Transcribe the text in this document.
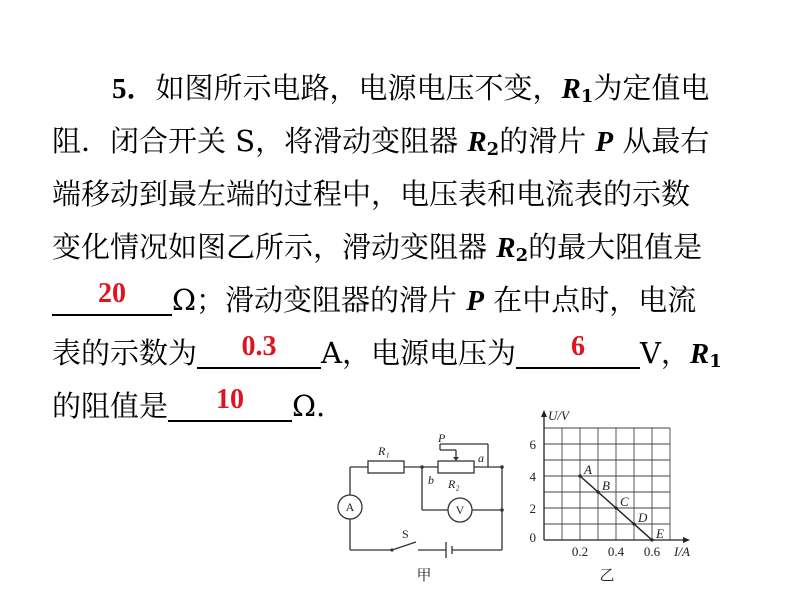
5．如图所示电路，电源电压不变，$R_1$为定值电
阻．闭合开关 S，将滑动变阻器 $R_2$的滑片 P 从最右
端移动到最左端的过程中，电压表和电流表的示数
变化情况如图乙所示，滑动变阻器 $R_2$的最大阻值是
20	Ω；滑动变阻器的滑片 P 在中点时，电流
表的示数为	0.3	A，电源电压为	6	V，$R_1$
的阻值是	10	Ω.
R₁
P
a
b R₂
S
A	V
甲
A
B
C
D
E
U/V
I/A
乙
0.2 0.4 0.6
0
2
4
6
